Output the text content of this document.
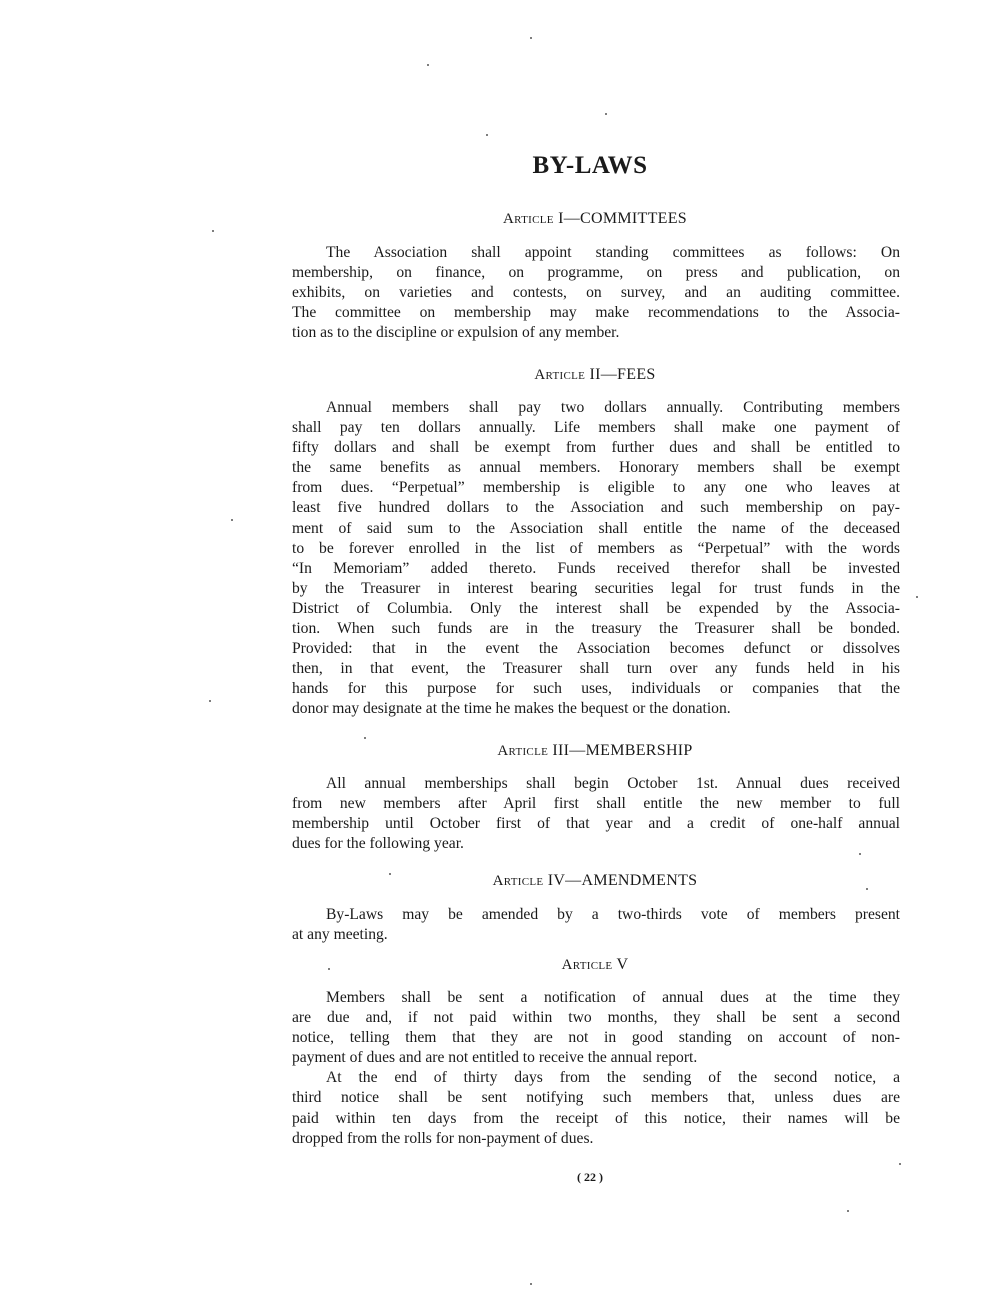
BY-LAWS
Article I—COMMITTEES

The Association shall appoint standing committees as follows: On
membership, on finance, on programme, on press and publication, on
exhibits, on varieties and contests, on survey, and an auditing committee.
The committee on membership may make recommendations to the Associa-
tion as to the discipline or expulsion of any member.

Article II—FEES

Annual members shall pay two dollars annually. Contributing members
shall pay ten dollars annually. Life members shall make one payment of
fifty dollars and shall be exempt from further dues and shall be entitled to
the same benefits as annual members. Honorary members shall be exempt
from dues. “Perpetual” membership is eligible to any one who leaves at
least five hundred dollars to the Association and such membership on pay-
ment of said sum to the Association shall entitle the name of the deceased
to be forever enrolled in the list of members as “Perpetual” with the words
“In Memoriam” added thereto. Funds received therefor shall be invested
by the Treasurer in interest bearing securities legal for trust funds in the
District of Columbia. Only the interest shall be expended by the Associa-
tion. When such funds are in the treasury the Treasurer shall be bonded.
Provided: that in the event the Association becomes defunct or dissolves
then, in that event, the Treasurer shall turn over any funds held in his
hands for this purpose for such uses, individuals or companies that the
donor may designate at the time he makes the bequest or the donation.

Article III—MEMBERSHIP

All annual memberships shall begin October 1st. Annual dues received
from new members after April first shall entitle the new member to full
membership until October first of that year and a credit of one-half annual
dues for the following year.

Article IV—AMENDMENTS

By-Laws may be amended by a two-thirds vote of members present
at any meeting.

Article V

Members shall be sent a notification of annual dues at the time they
are due and, if not paid within two months, they shall be sent a second
notice, telling them that they are not in good standing on account of non-
payment of dues and are not entitled to receive the annual report.
At the end of thirty days from the sending of the second notice, a
third notice shall be sent notifying such members that, unless dues are
paid within ten days from the receipt of this notice, their names will be
dropped from the rolls for non-payment of dues.

( 22 )
